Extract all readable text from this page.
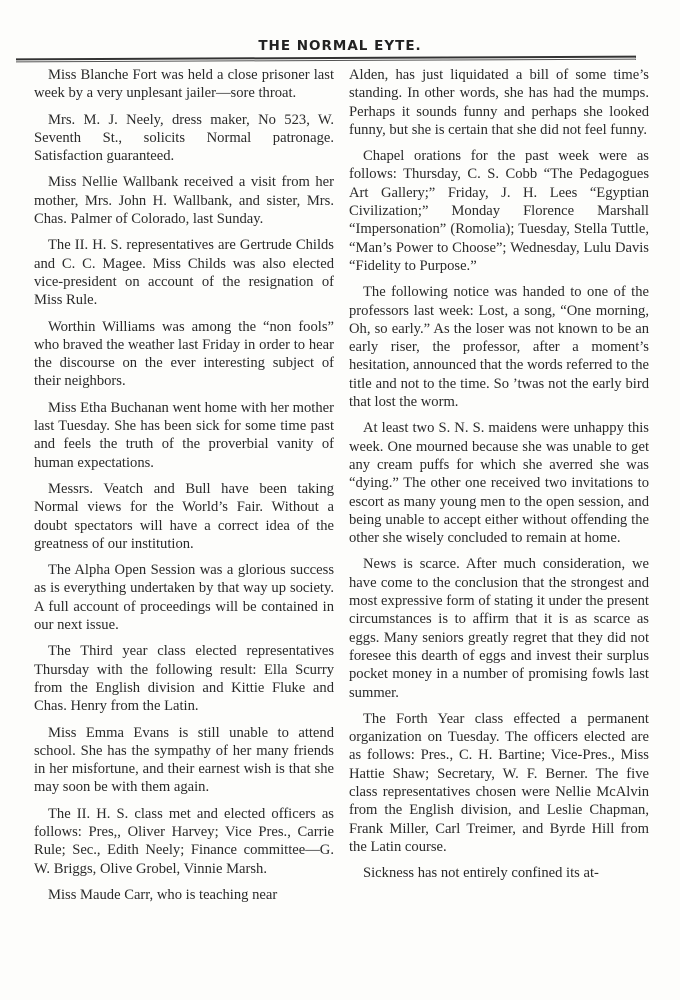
THE NORMAL EYTE.

Miss Blanche Fort was held a close prisoner last week by a very unplesant jailer—sore throat.

Mrs. M. J. Neely, dress maker, No 523, W. Seventh St., solicits Normal patronage. Satisfaction guaranteed.

Miss Nellie Wallbank received a visit from her mother, Mrs. John H. Wallbank, and sister, Mrs. Chas. Palmer of Colorado, last Sunday.

The II. H. S. representatives are Gertrude Childs and C. C. Magee. Miss Childs was also elected vice-president on account of the resignation of Miss Rule.

Worthin Williams was among the “non fools” who braved the weather last Friday in order to hear the discourse on the ever interesting subject of their neighbors.

Miss Etha Buchanan went home with her mother last Tuesday. She has been sick for some time past and feels the truth of the proverbial vanity of human expectations.

Messrs. Veatch and Bull have been taking Normal views for the World’s Fair. Without a doubt spectators will have a correct idea of the greatness of our institution.

The Alpha Open Session was a glorious success as is everything undertaken by that way up society. A full account of proceedings will be contained in our next issue.

The Third year class elected representatives Thursday with the following result: Ella Scurry from the English division and Kittie Fluke and Chas. Henry from the Latin.

Miss Emma Evans is still unable to attend school. She has the sympathy of her many friends in her misfortune, and their earnest wish is that she may soon be with them again.

The II. H. S. class met and elected officers as follows: Pres,, Oliver Harvey; Vice Pres., Carrie Rule; Sec., Edith Neely; Finance committee—G. W. Briggs, Olive Grobel, Vinnie Marsh.

Miss Maude Carr, who is teaching near

Alden, has just liquidated a bill of some time’s standing. In other words, she has had the mumps. Perhaps it sounds funny and perhaps she looked funny, but she is certain that she did not feel funny.

Chapel orations for the past week were as follows: Thursday, C. S. Cobb “The Pedagogues Art Gallery;” Friday, J. H. Lees “Egyptian Civilization;” Monday Florence Marshall “Impersonation” (Romolia); Tuesday, Stella Tuttle, “Man’s Power to Choose”; Wednesday, Lulu Davis “Fidelity to Purpose.”

The following notice was handed to one of the professors last week: Lost, a song, “One morning, Oh, so early.” As the loser was not known to be an early riser, the professor, after a moment’s hesitation, announced that the words referred to the title and not to the time. So ’twas not the early bird that lost the worm.

At least two S. N. S. maidens were unhappy this week. One mourned because she was unable to get any cream puffs for which she averred she was “dying.” The other one received two invitations to escort as many young men to the open session, and being unable to accept either without offending the other she wisely concluded to remain at home.

News is scarce. After much consideration, we have come to the conclusion that the strongest and most expressive form of stating it under the present circumstances is to affirm that it is as scarce as eggs. Many seniors greatly regret that they did not foresee this dearth of eggs and invest their surplus pocket money in a number of promising fowls last summer.

The Forth Year class effected a permanent organization on Tuesday. The officers elected are as follows: Pres., C. H. Bartine; Vice-Pres., Miss Hattie Shaw; Secretary, W. F. Berner. The five class representatives chosen were Nellie McAlvin from the English division, and Leslie Chapman, Frank Miller, Carl Treimer, and Byrde Hill from the Latin course.

Sickness has not entirely confined its at-
